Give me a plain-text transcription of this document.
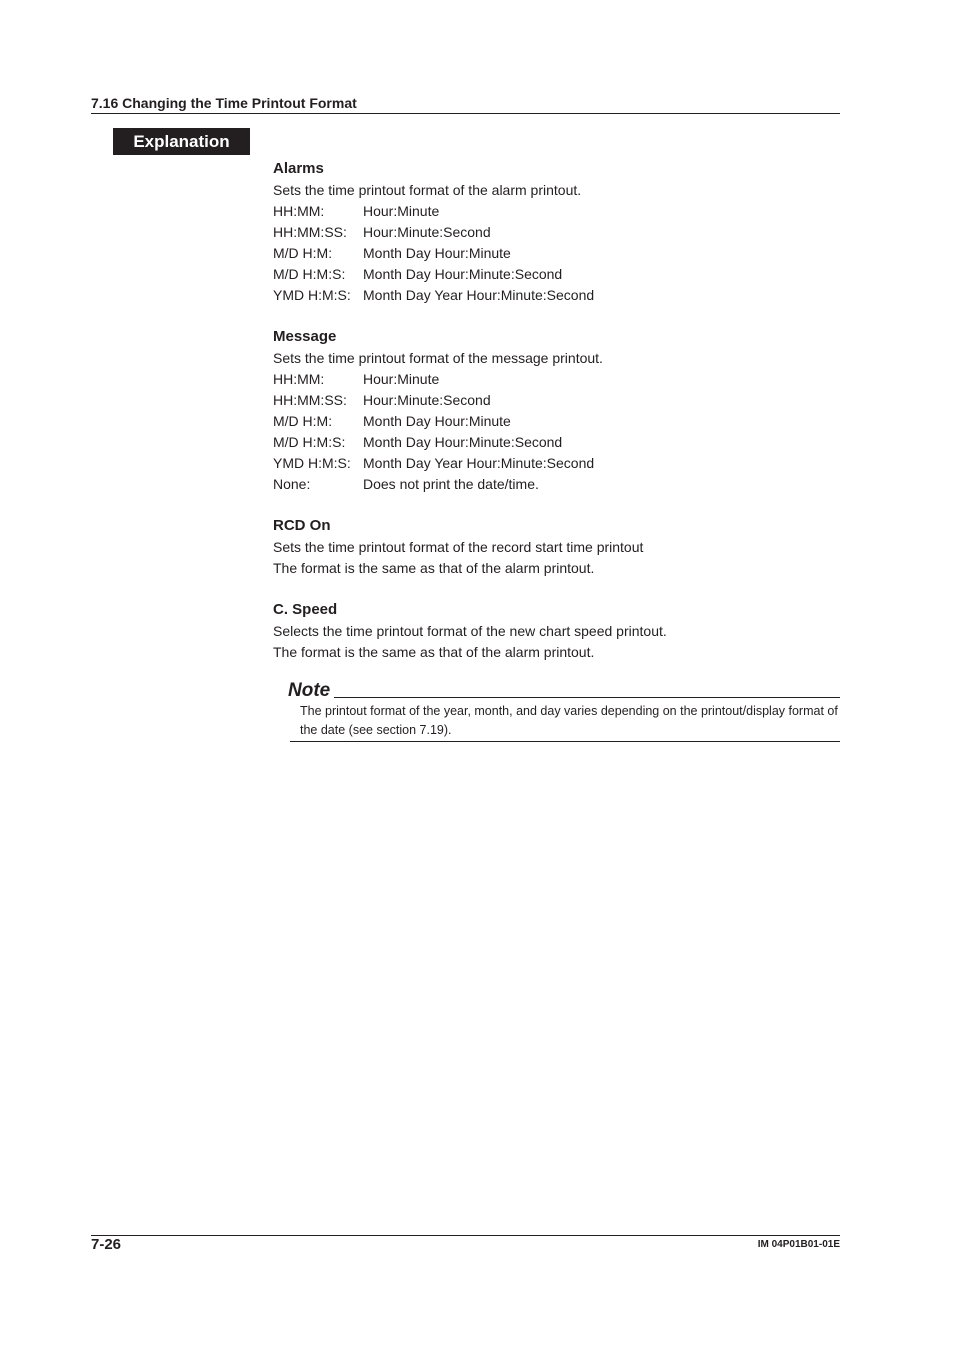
7.16 Changing the Time Printout Format
Explanation

Alarms

Sets the time printout format of the alarm printout.

HH:MM:	Hour:Minute
HH:MM:SS:	Hour:Minute:Second
M/D H:M:	Month Day Hour:Minute
M/D H:M:S:	Month Day Hour:Minute:Second
YMD H:M:S: Month Day Year Hour:Minute:Second

Message

Sets the time printout format of the message printout.

HH:MM:	Hour:Minute
HH:MM:SS:	Hour:Minute:Second
M/D H:M:	Month Day Hour:Minute
M/D H:M:S:	Month Day Hour:Minute:Second
YMD H:M:S: Month Day Year Hour:Minute:Second
None:	Does not print the date/time.

RCD On

Sets the time printout format of the record start time printout

The format is the same as that of the alarm printout.

C. Speed

Selects the time printout format of the new chart speed printout.

The format is the same as that of the alarm printout.

Note
The printout format of the year, month, and day varies depending on the printout/display format of the date (see section 7.19).
7-26	IM 04P01B01-01E
